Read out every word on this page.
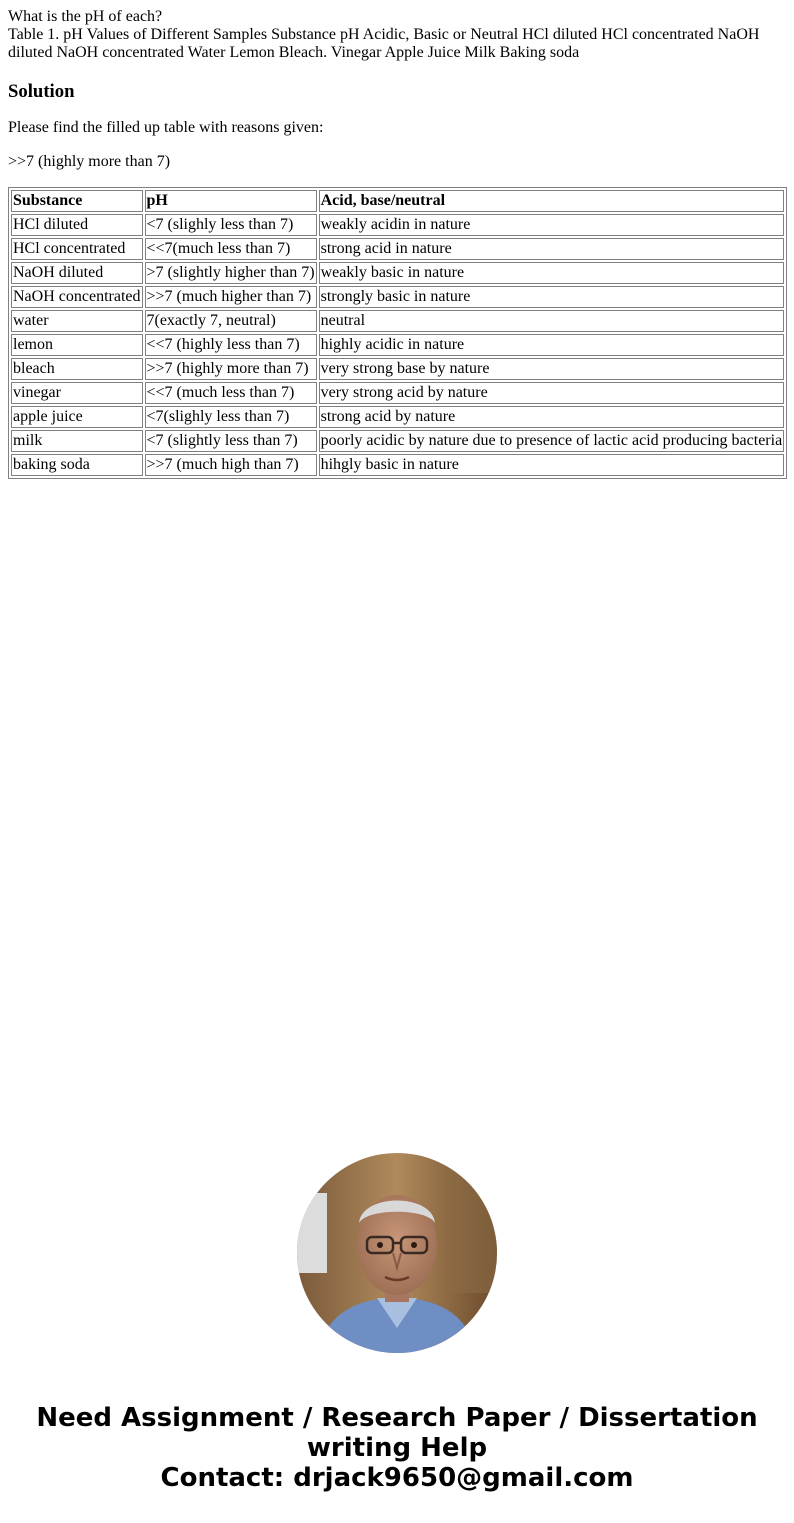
What is the pH of each?

Table 1. pH Values of Different Samples Substance pH Acidic, Basic or Neutral HCl diluted HCl concentrated NaOH diluted NaOH concentrated Water Lemon Bleach. Vinegar Apple Juice Milk Baking soda

Solution

Please find the filled up table with reasons given:

>>7 (highly more than 7)

Substance	pH	Acid, base/neutral
HCl diluted	<7 (slighly less than 7)	weakly acidin in nature
HCl concentrated	<<7(much less than 7)	strong acid in nature
NaOH diluted	>7 (slightly higher than 7)	weakly basic in nature
NaOH concentrated	>>7 (much higher than 7)	strongly basic in nature
water	7(exactly 7, neutral)	neutral
lemon	<<7 (highly less than 7)	highly acidic in nature
bleach	>>7 (highly more than 7)	very strong base by nature
vinegar	<<7 (much less than 7)	very strong acid by nature
apple juice	<7(slighly less than 7)	strong acid by nature
milk	<7 (slightly less than 7)	poorly acidic by nature due to presence of lactic acid producing bacteria
baking soda	>>7 (much high than 7)	hihgly basic in nature
Need Assignment / Research Paper / Dissertation
writing Help
Contact: drjack9650@gmail.com
